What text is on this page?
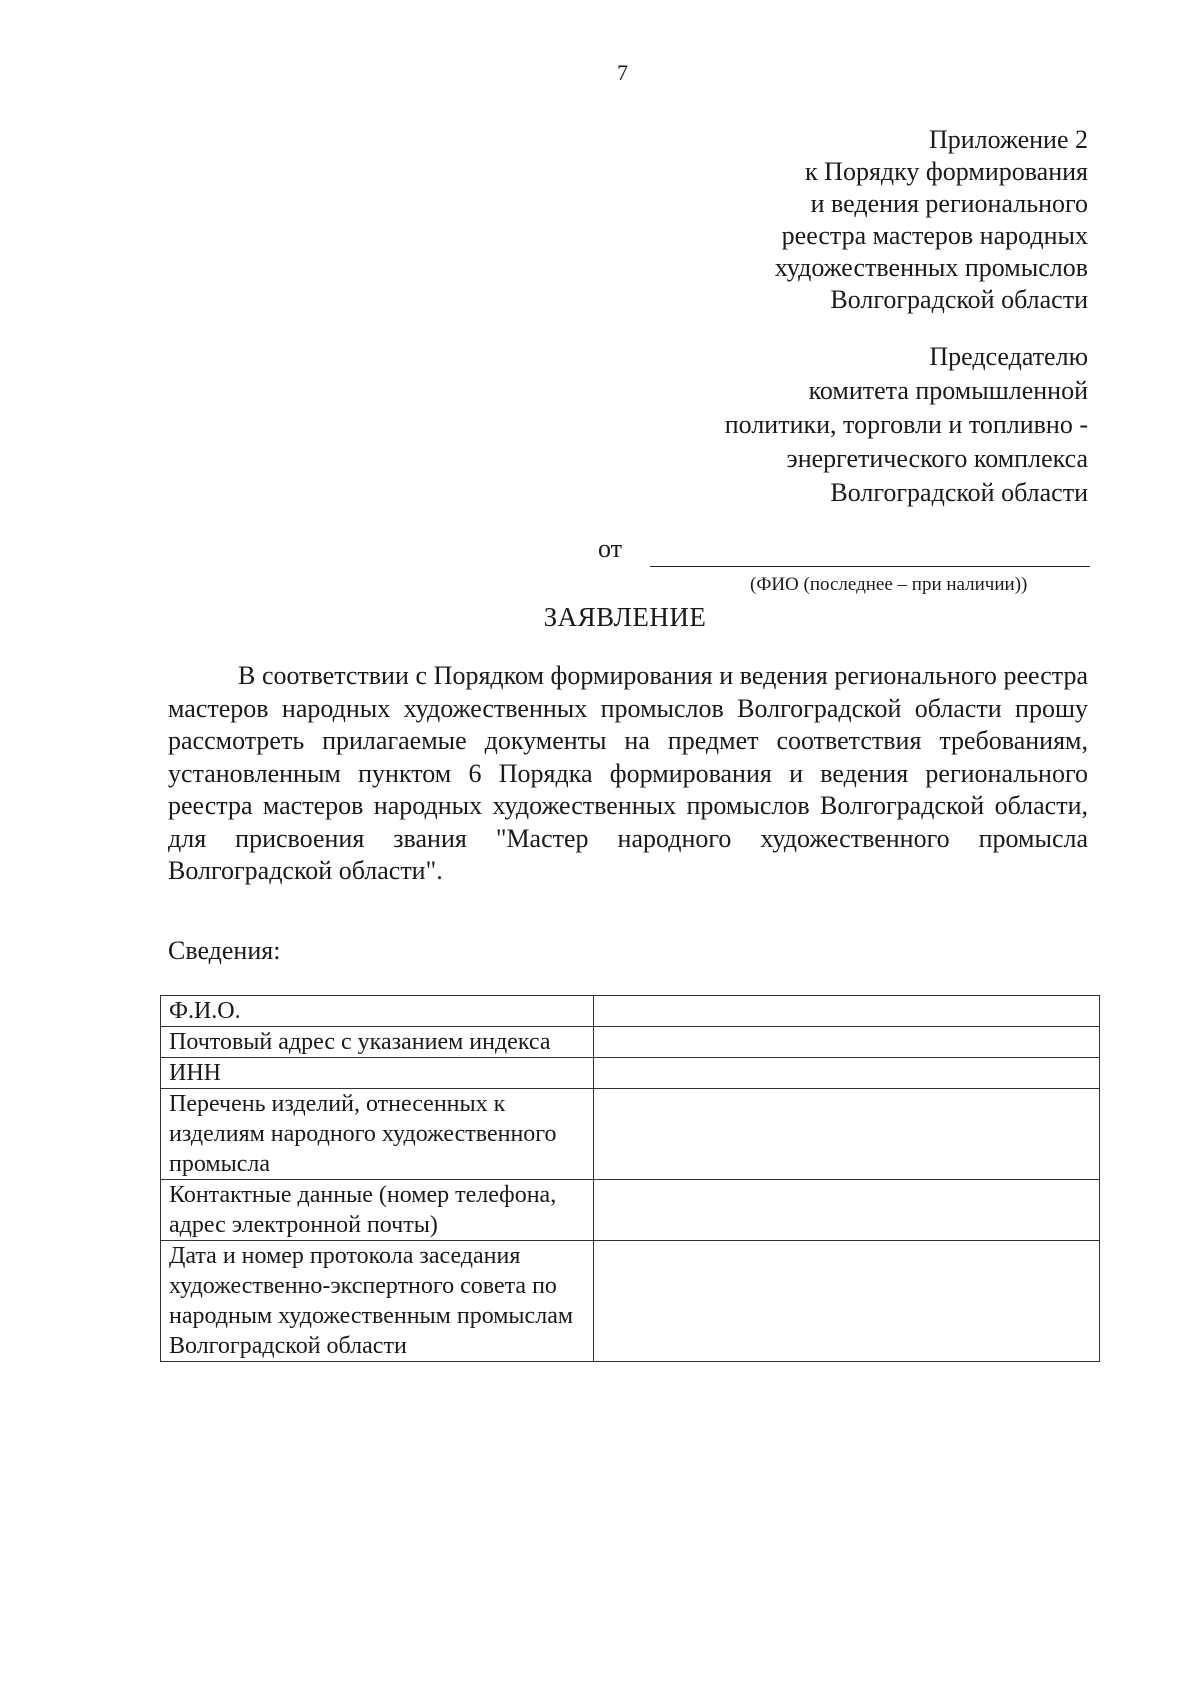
7
Приложение 2
к Порядку формирования
и ведения регионального
реестра мастеров народных
художественных промыслов
Волгоградской области
Председателю
комитета промышленной
политики, торговли и топливно -
энергетического комплекса
Волгоградской области
от
(ФИО (последнее – при наличии))
ЗАЯВЛЕНИЕ

В соответствии с Порядком формирования и ведения регионального реестра мастеров народных художественных промыслов Волгоградской области прошу рассмотреть прилагаемые документы на предмет соответствия требованиям, установленным пунктом 6 Порядка формирования и ведения регионального реестра мастеров народных художественных промыслов Волгоградской области, для присвоения звания "Мастер народного художественного промысла Волгоградской области".

Сведения:
Ф.И.О.	
Почтовый адрес с указанием индекса	
ИНН	
Перечень изделий, отнесенных к изделиям народного художественного промысла	
Контактные данные (номер телефона, адрес электронной почты)	
Дата и номер протокола заседания художественно-экспертного совета по народным художественным промыслам Волгоградской области	
